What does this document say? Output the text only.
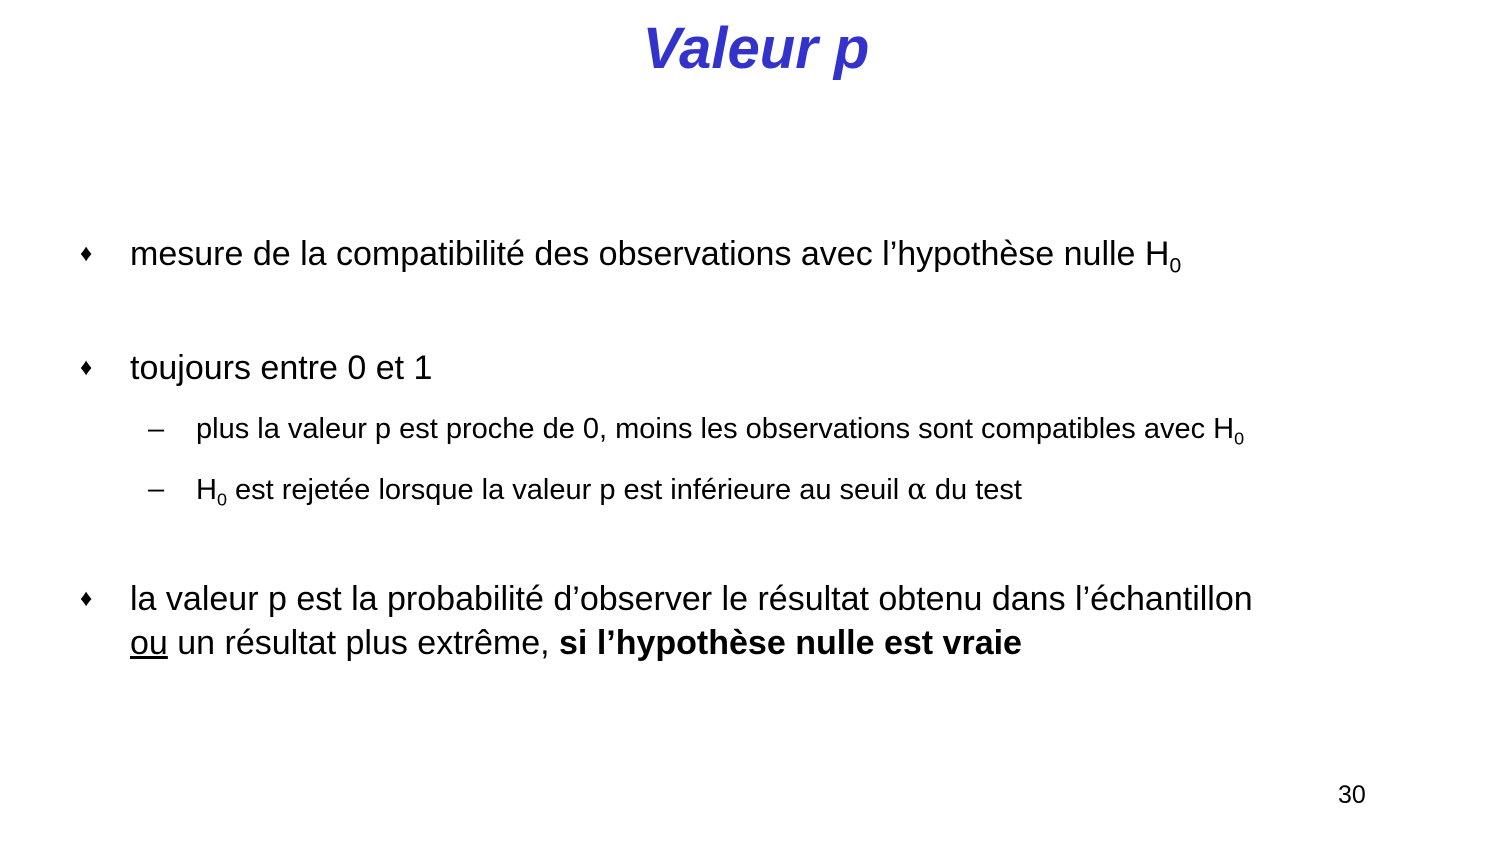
Valeur p
♦ mesure de la compatibilité des observations avec l’hypothèse nulle $H_0$
♦ toujours entre 0 et 1
– plus la valeur p est proche de 0, moins les observations sont compatibles avec $H_0$
– $H_0$ est rejetée lorsque la valeur p est inférieure au seuil α du test
♦ la valeur p est la probabilité d’observer le résultat obtenu dans l’échantillon
ou un résultat plus extrême, si l’hypothèse nulle est vraie
30
